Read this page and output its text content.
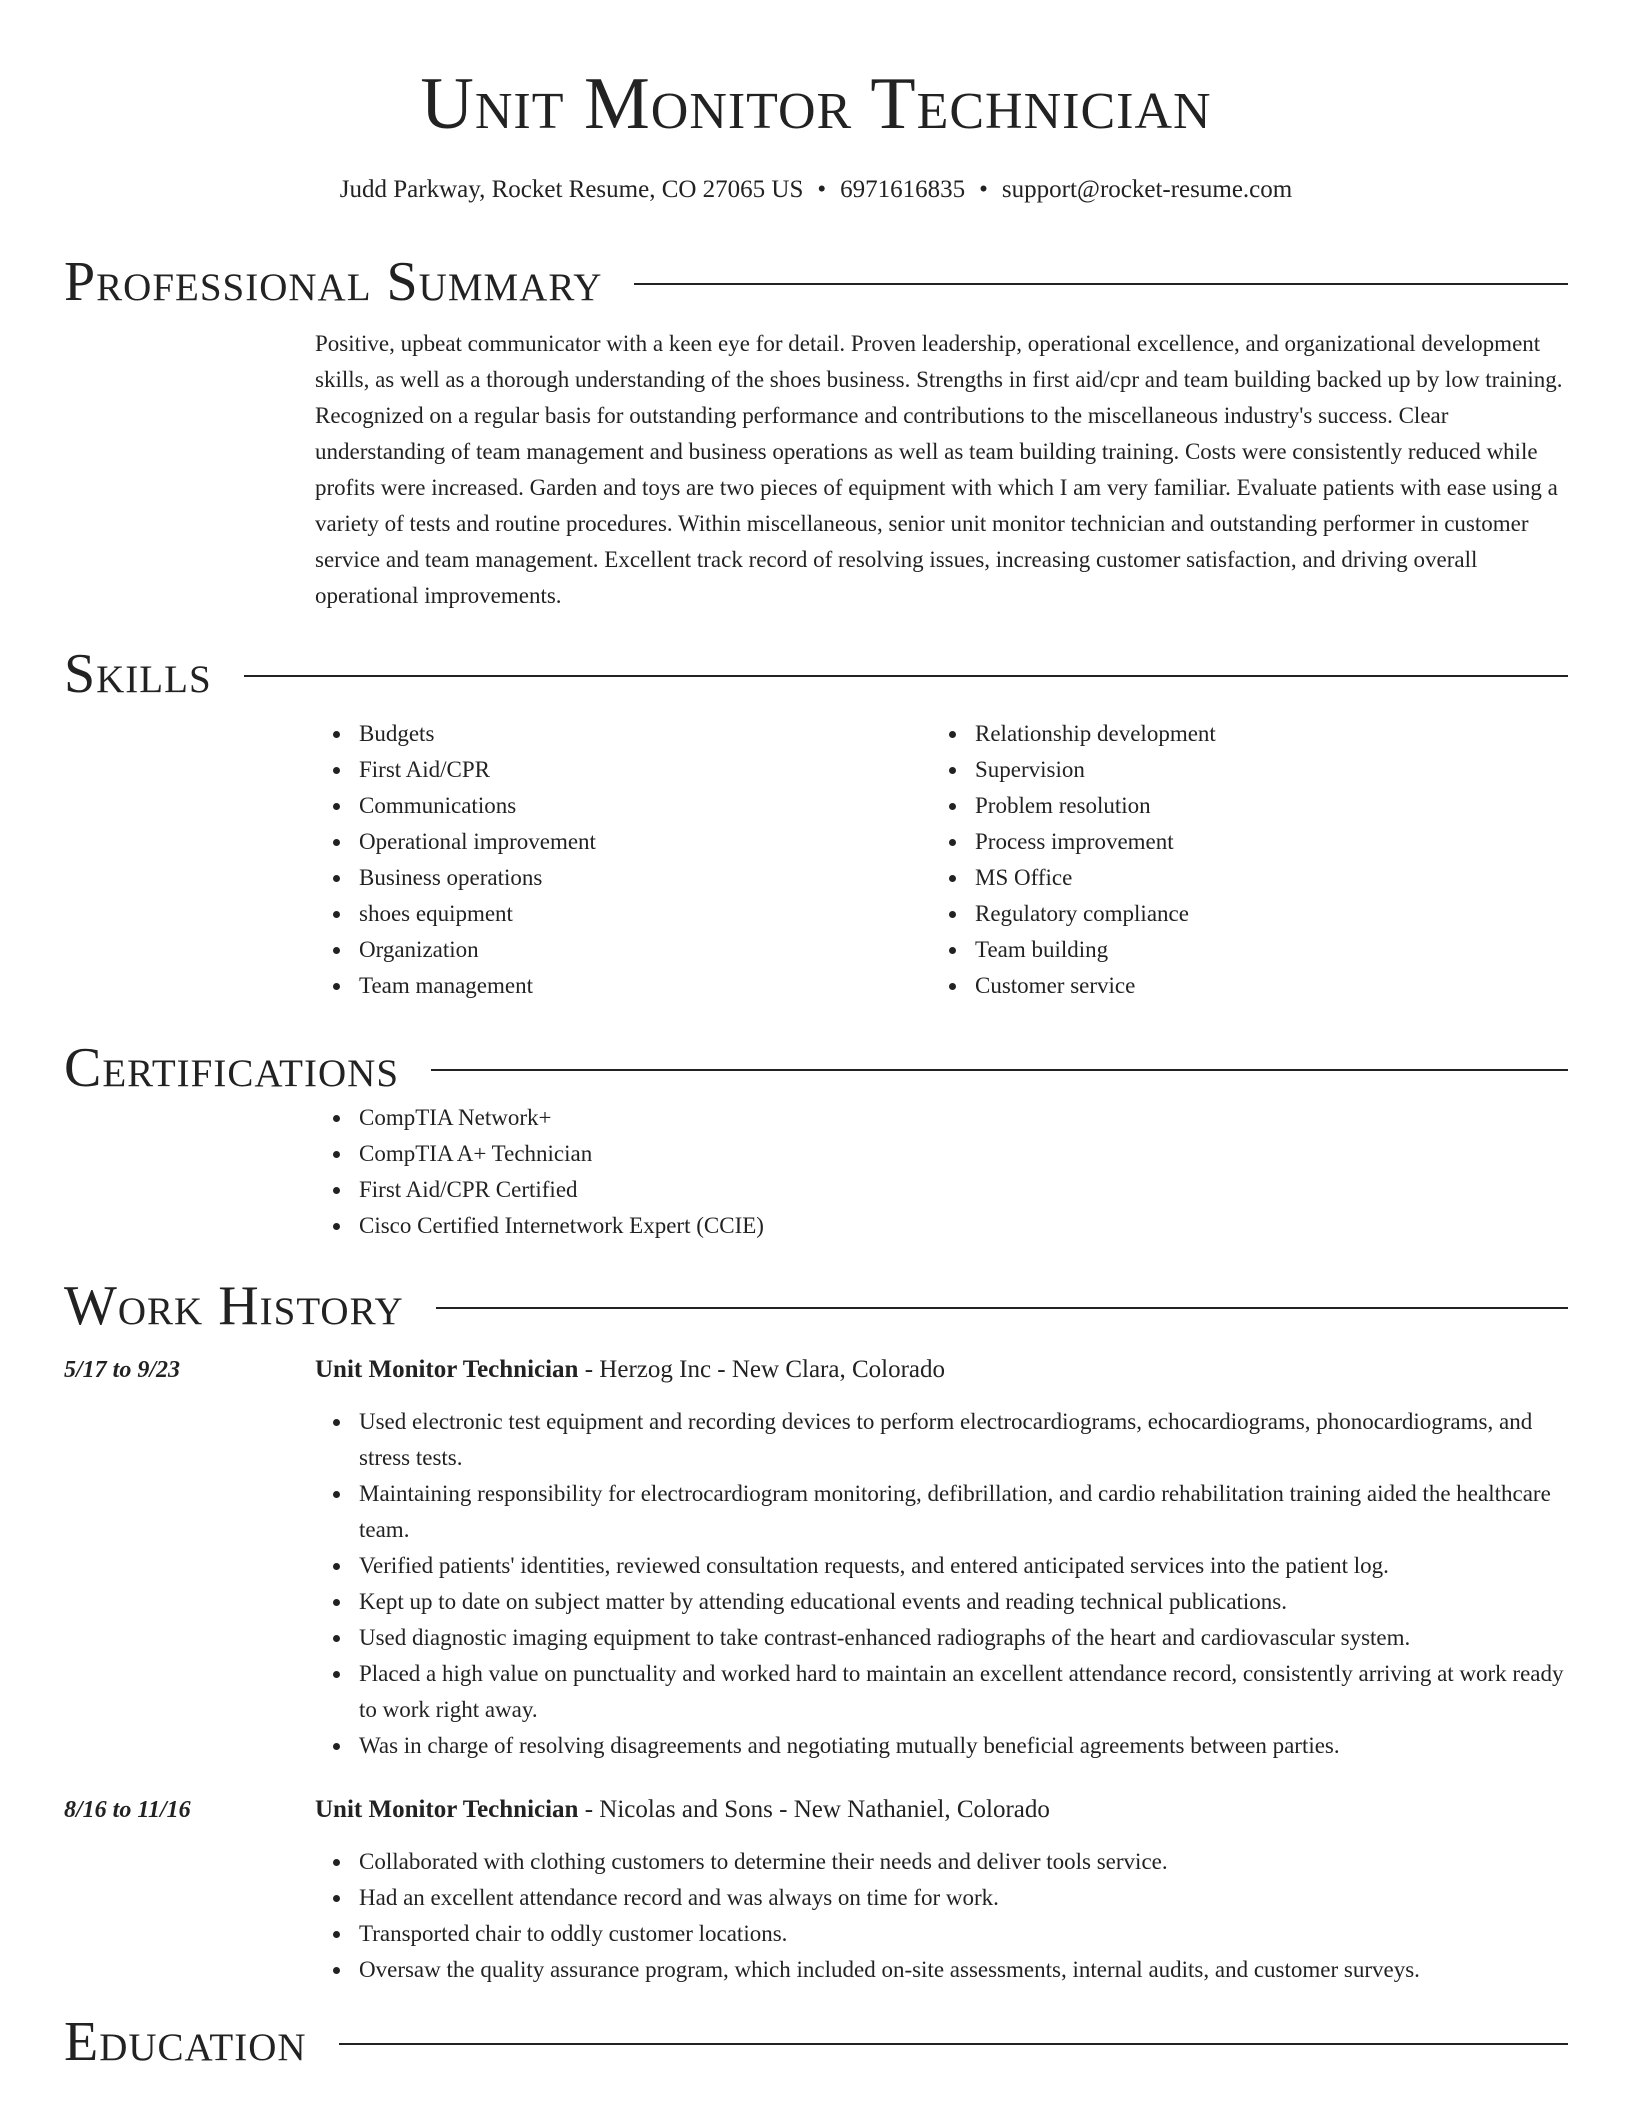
Unit Monitor Technician
Judd Parkway, Rocket Resume, CO 27065 US • 6971616835 • support@rocket-resume.com
Professional Summary

Positive, upbeat communicator with a keen eye for detail. Proven leadership, operational excellence, and organizational development skills, as well as a thorough understanding of the shoes business. Strengths in first aid/cpr and team building backed up by low training. Recognized on a regular basis for outstanding performance and contributions to the miscellaneous industry's success. Clear understanding of team management and business operations as well as team building training. Costs were consistently reduced while profits were increased. Garden and toys are two pieces of equipment with which I am very familiar. Evaluate patients with ease using a variety of tests and routine procedures. Within miscellaneous, senior unit monitor technician and outstanding performer in customer service and team management. Excellent track record of resolving issues, increasing customer satisfaction, and driving overall operational improvements.

Skills
Budgets
First Aid/CPR
Communications
Operational improvement
Business operations
shoes equipment
Organization
Team management
Relationship development
Supervision
Problem resolution
Process improvement
MS Office
Regulatory compliance
Team building
Customer service
Certifications
CompTIA Network+
CompTIA A+ Technician
First Aid/CPR Certified
Cisco Certified Internetwork Expert (CCIE)
Work History
5/17 to 9/23	Unit Monitor Technician - Herzog Inc - New Clara, Colorado
Used electronic test equipment and recording devices to perform electrocardiograms, echocardiograms, phonocardiograms, and stress tests.
Maintaining responsibility for electrocardiogram monitoring, defibrillation, and cardio rehabilitation training aided the healthcare team.
Verified patients' identities, reviewed consultation requests, and entered anticipated services into the patient log.
Kept up to date on subject matter by attending educational events and reading technical publications.
Used diagnostic imaging equipment to take contrast-enhanced radiographs of the heart and cardiovascular system.
Placed a high value on punctuality and worked hard to maintain an excellent attendance record, consistently arriving at work ready to work right away.
Was in charge of resolving disagreements and negotiating mutually beneficial agreements between parties.
8/16 to 11/16	Unit Monitor Technician - Nicolas and Sons - New Nathaniel, Colorado
Collaborated with clothing customers to determine their needs and deliver tools service.
Had an excellent attendance record and was always on time for work.
Transported chair to oddly customer locations.
Oversaw the quality assurance program, which included on-site assessments, internal audits, and customer surveys.
Education
